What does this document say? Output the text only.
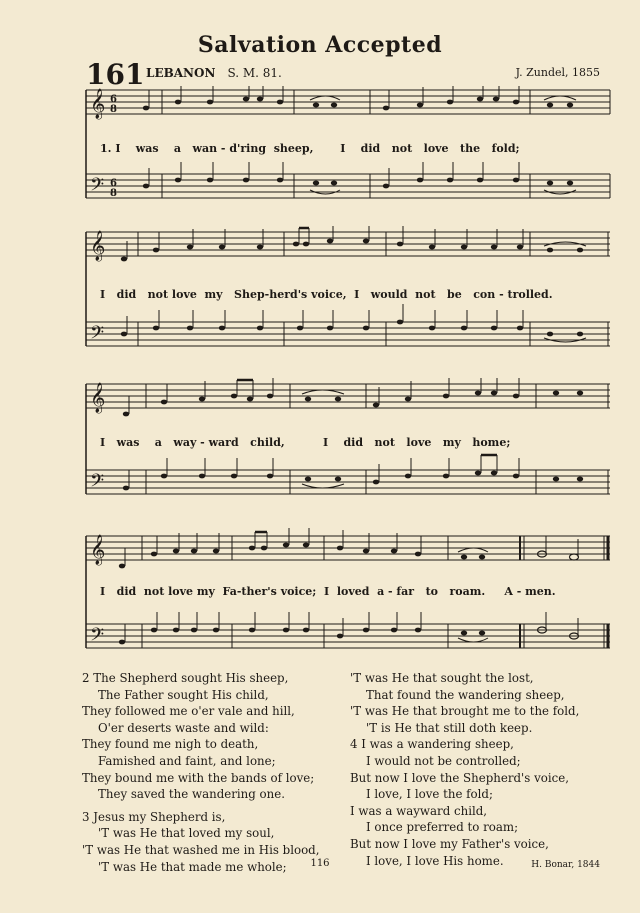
Salvation Accepted
161 LEBANON S. M. 81.	J. Zundel, 1855
𝄞
𝄢
6
8
6
8
1. I    was    a   wan - d'ring  sheep,       I    did   not   love   the   fold;
𝄞
𝄢
I   did   not love  my   Shep-herd's voice,  I   would  not   be   con - trolled.
𝄞
𝄢
I   was    a   way - ward   child,          I    did   not   love   my   home;
𝄞
𝄢
I   did  not love my  Fa-ther's voice;  I  loved  a - far   to   roam.     A - men.
2 The Shepherd sought His sheep,
The Father sought His child,
They followed me o'er vale and hill,
O'er deserts waste and wild:
They found me nigh to death,
Famished and faint, and lone;
They bound me with the bands of love;
They saved the wandering one.
3 Jesus my Shepherd is,
'T was He that loved my soul,
'T was He that washed me in His blood,
'T was He that made me whole;
'T was He that sought the lost,
That found the wandering sheep,
'T was He that brought me to the fold,
'T is He that still doth keep.
4 I was a wandering sheep,
I would not be controlled;
But now I love the Shepherd's voice,
I love, I love the fold;
I was a wayward child,
I once preferred to roam;
But now I love my Father's voice,
I love, I love His home.
116	H. Bonar, 1844
